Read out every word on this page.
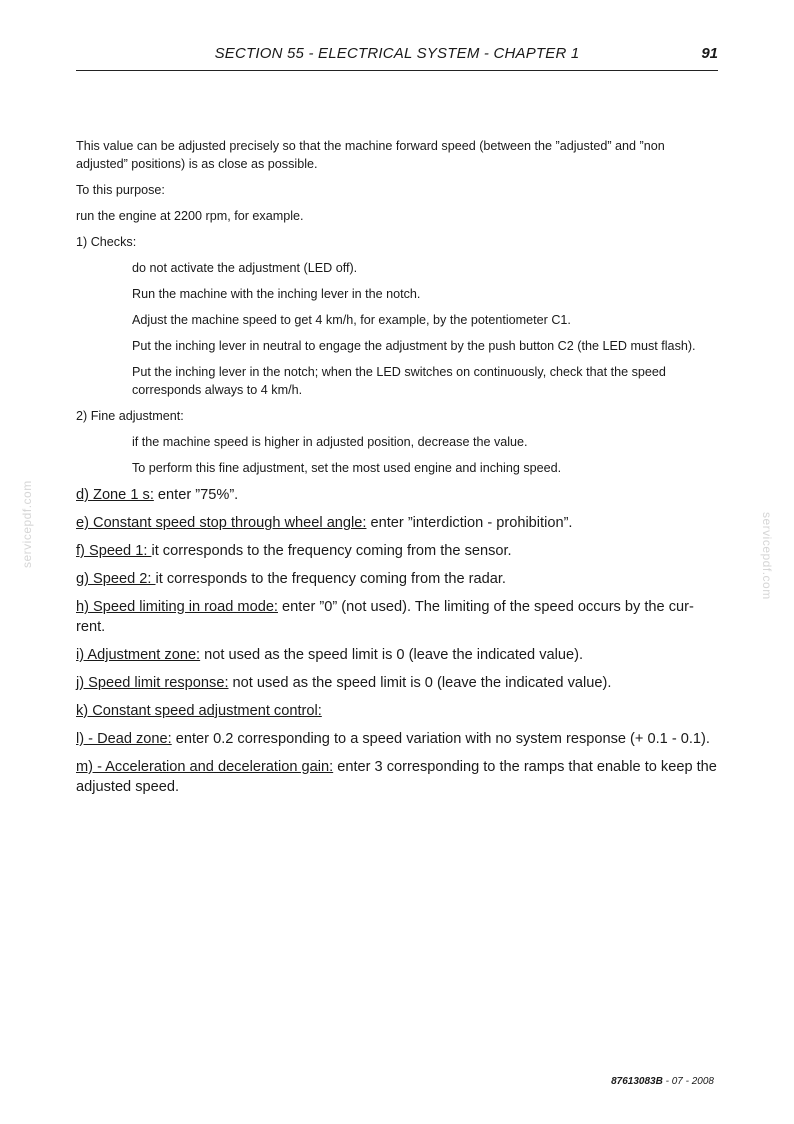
SECTION 55 - ELECTRICAL SYSTEM - CHAPTER 1	91
servicepdf.com	servicepdf.com

This value can be adjusted precisely so that the machine forward speed (between the ”adjusted” and ”non adjusted” positions) is as close as possible.

To this purpose:

run the engine at 2200 rpm, for example.

1) Checks:

do not activate the adjustment (LED off).

Run the machine with the inching lever in the notch.

Adjust the machine speed to get 4 km/h, for example, by the potentiometer C1.

Put the inching lever in neutral to engage the adjustment by the push button C2 (the LED must flash).

Put the inching lever in the notch; when the LED switches on continuously, check that the speed corresponds always to 4 km/h.

2) Fine adjustment:

if the machine speed is higher in adjusted position, decrease the value.

To perform this fine adjustment, set the most used engine and inching speed.

d) Zone 1 s: enter ”75%”.

e) Constant speed stop through wheel angle: enter ”interdiction - prohibition”.

f) Speed 1: it corresponds to the frequency coming from the sensor.

g) Speed 2: it corresponds to the frequency coming from the radar.

h) Speed limiting in road mode: enter ”0” (not used). The limiting of the speed occurs by the cur- rent.

i) Adjustment zone: not used as the speed limit is 0 (leave the indicated value).

j) Speed limit response: not used as the speed limit is 0 (leave the indicated value).

k) Constant speed adjustment control:

l) - Dead zone: enter 0.2 corresponding to a speed variation with no system response (+ 0.1 - 0.1).

m) - Acceleration and deceleration gain: enter 3 corresponding to the ramps that enable to keep the adjusted speed.

87613083B - 07 - 2008
